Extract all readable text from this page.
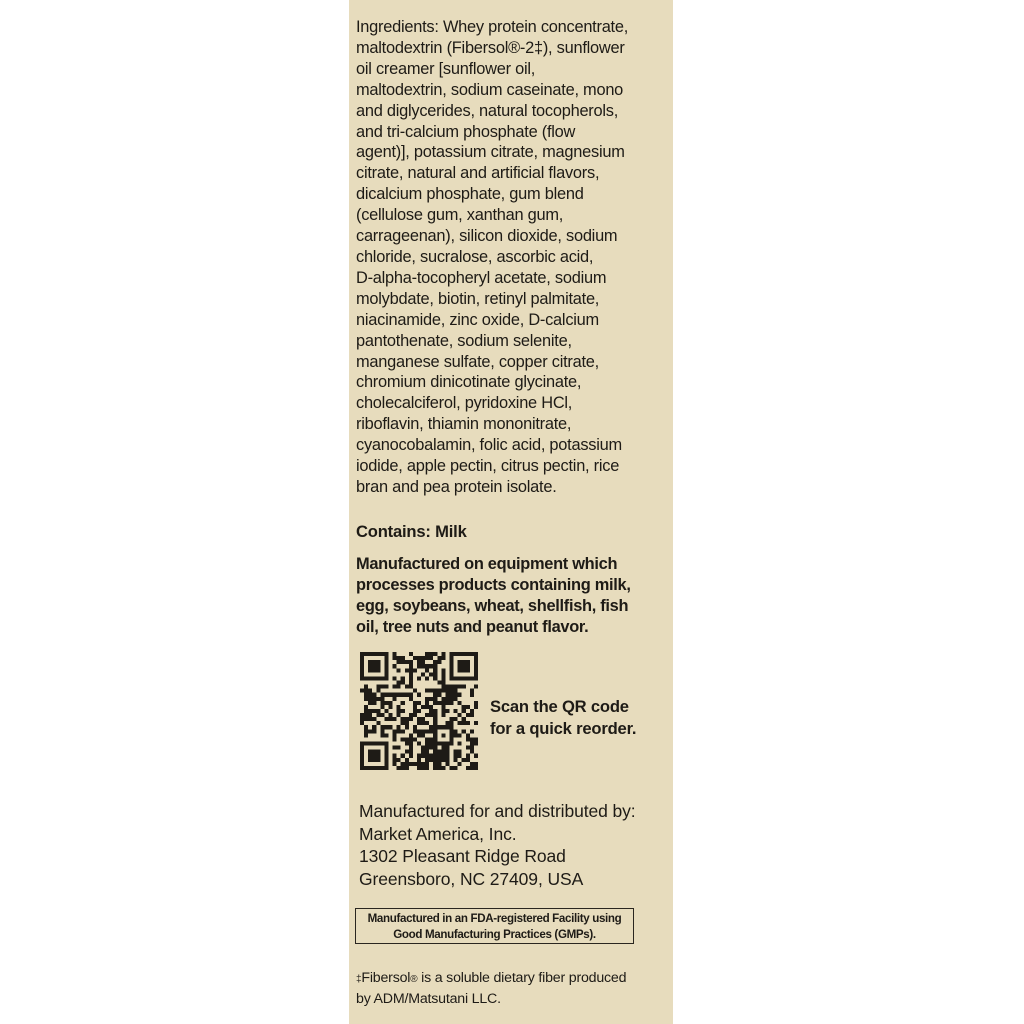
Ingredients: Whey protein concentrate,
maltodextrin (Fibersol®-2‡), sunflower
oil creamer [sunflower oil,
maltodextrin, sodium caseinate, mono
and diglycerides, natural tocopherols,
and tri-calcium phosphate (flow
agent)], potassium citrate, magnesium
citrate, natural and artificial flavors,
dicalcium phosphate, gum blend
(cellulose gum, xanthan gum,
carrageenan), silicon dioxide, sodium
chloride, sucralose, ascorbic acid,
D-alpha-tocopheryl acetate, sodium
molybdate, biotin, retinyl palmitate,
niacinamide, zinc oxide, D-calcium
pantothenate, sodium selenite,
manganese sulfate, copper citrate,
chromium dinicotinate glycinate,
cholecalciferol, pyridoxine HCl,
riboflavin, thiamin mononitrate,
cyanocobalamin, folic acid, potassium
iodide, apple pectin, citrus pectin, rice
bran and pea protein isolate.
Contains: Milk
Manufactured on equipment which
processes products containing milk,
egg, soybeans, wheat, shellfish, fish
oil, tree nuts and peanut flavor.
Scan the QR code
for a quick reorder.
Manufactured for and distributed by:
Market America, Inc.
1302 Pleasant Ridge Road
Greensboro, NC 27409, USA
Manufactured in an FDA-registered Facility using
Good Manufacturing Practices (GMPs).
‡Fibersol® is a soluble dietary fiber produced
by ADM/Matsutani LLC.
